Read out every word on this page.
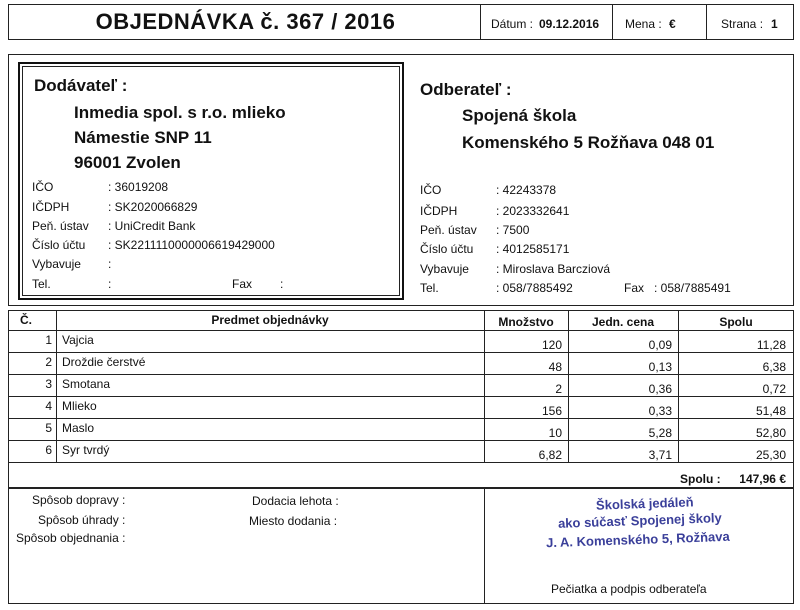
OBJEDNÁVKA č. 367 / 2016	Dátum : 09.12.2016 Mena : €	Strana : 1
Dodávateľ :
Inmedia spol. s r.o. mlieko
Námestie SNP 11
96001 Zvolen
IČO	: 36019208
IČDPH	: SK2020066829
Peň. ústav : UniCredit Bank
Číslo účtu : SK2211110000006619429000
Vybavuje :
Tel.	:	Fax :
Odberateľ :
Spojená škola
Komenského 5 Rožňava 048 01
IČO	: 42243378
IČDPH	: 2023332641
Peň. ústav : 7500
Číslo účtu : 4012585171
Vybavuje : Miroslava Barcziová
Tel.	: 058/7885492	Fax : 058/7885491
Č.	Predmet objednávky	Množstvo	Jedn. cena	Spolu
1 Vajcia	120	0,09	11,28
2 Droždie čerstvé	48	0,13	6,38
3 Smotana	2	0,36	0,72
4 Mlieko	156	0,33	51,48
5 Maslo	10	5,28	52,80
6 Syr tvrdý	6,82	3,71	25,30
Spolu :	147,96 €
Spôsob dopravy :
Spôsob úhrady :
Spôsob objednania :
Dodacia lehota :
Miesto dodania :
Školská jedáleň
ako súčasť Spojenej školy
J. A. Komenského 5, Rožňava
Pečiatka a podpis odberateľa
